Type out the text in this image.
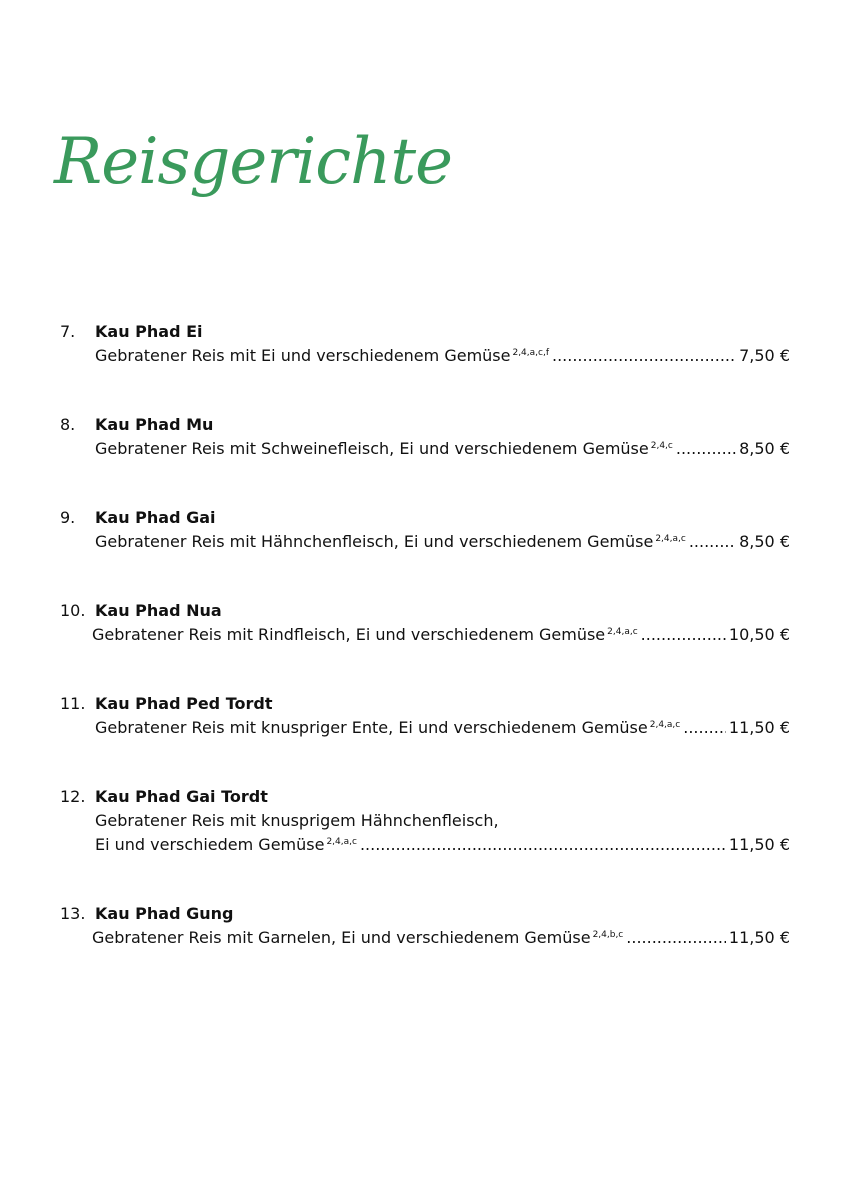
Reisgerichte
7. Kau Phad Ei
Gebratener Reis mit Ei und verschiedenem Gemüse $^{2,4,a,c,f}$ .....	7,50 €
8. Kau Phad Mu
Gebratener Reis mit Schweinefleisch, Ei und verschiedenem Gemüse $^{2,4,c}$ .....	8,50 €
9. Kau Phad Gai
Gebratener Reis mit Hähnchenfleisch, Ei und verschiedenem Gemüse $^{2,4,a,c}$ .....	8,50 €
10. Kau Phad Nua
Gebratener Reis mit Rindfleisch, Ei und verschiedenem Gemüse $^{2,4,a,c}$ .....	10,50 €
11. Kau Phad Ped Tordt
Gebratener Reis mit knuspriger Ente, Ei und verschiedenem Gemüse $^{2,4,a,c}$ .....	11,50 €
12. Kau Phad Gai Tordt
Gebratener Reis mit knusprigem Hähnchenfleisch,
Ei und verschiedem Gemüse $^{2,4,a,c}$ .....	11,50 €
13. Kau Phad Gung
Gebratener Reis mit Garnelen, Ei und verschiedenem Gemüse $^{2,4,b,c}$ .....	11,50 €
